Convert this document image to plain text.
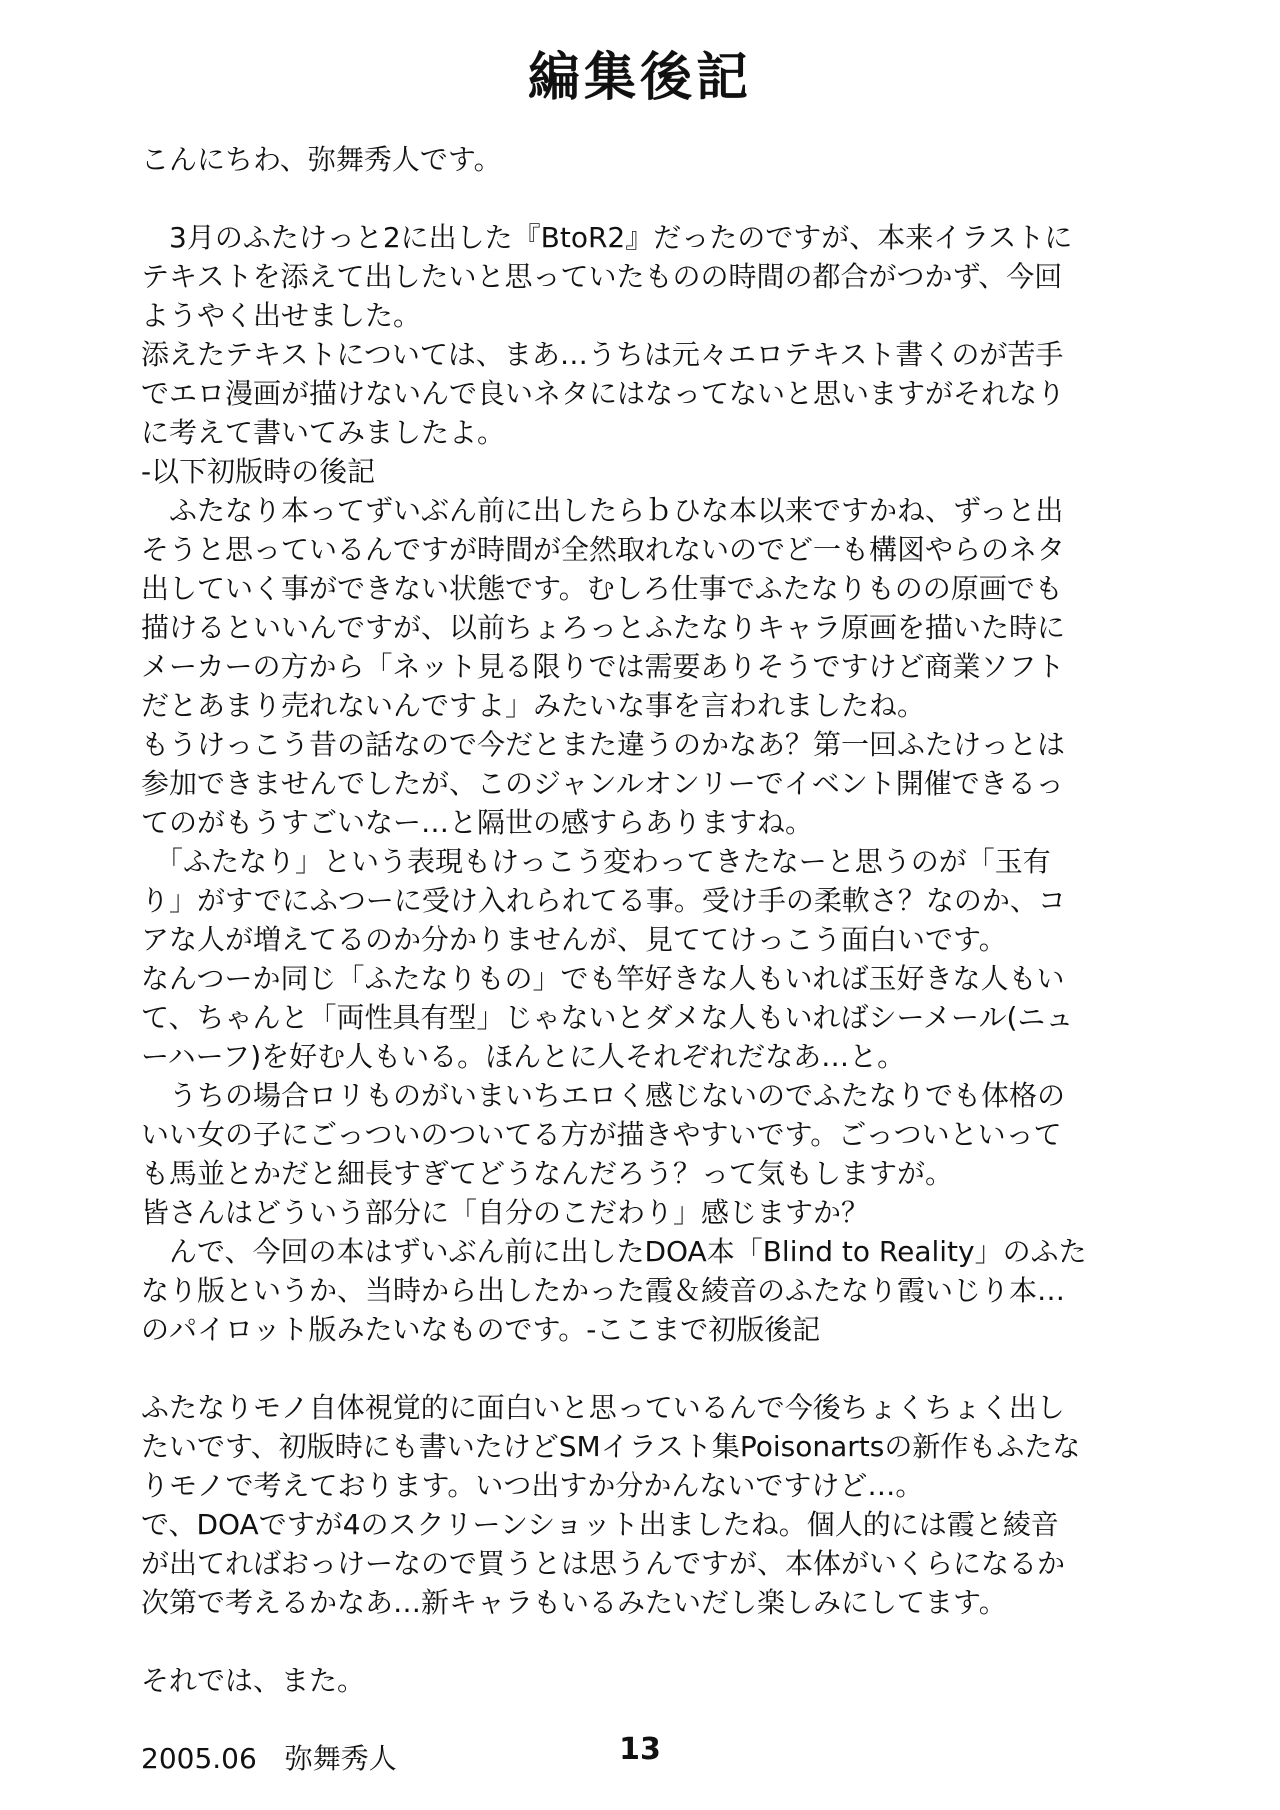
編集後記
こんにちわ、弥舞秀人です。
　3月のふたけっと2に出した『BtoR2』だったのですが、本来イラストに
テキストを添えて出したいと思っていたものの時間の都合がつかず、今回
ようやく出せました。
添えたテキストについては、まあ…うちは元々エロテキスト書くのが苦手
でエロ漫画が描けないんで良いネタにはなってないと思いますがそれなり
に考えて書いてみましたよ。
-以下初版時の後記
　ふたなり本ってずいぶん前に出したらｂひな本以来ですかね、ずっと出
そうと思っているんですが時間が全然取れないのでど一も構図やらのネタ
出していく事ができない状態です。むしろ仕事でふたなりものの原画でも
描けるといいんですが、以前ちょろっとふたなりキャラ原画を描いた時に
メーカーの方から「ネット見る限りでは需要ありそうですけど商業ソフト
だとあまり売れないんですよ」みたいな事を言われましたね。
もうけっこう昔の話なので今だとまた違うのかなあ？第一回ふたけっとは
参加できませんでしたが、このジャンルオンリーでイベント開催できるっ
てのがもうすごいなー…と隔世の感すらありますね。
　「ふたなり」という表現もけっこう変わってきたなーと思うのが「玉有
り」がすでにふつーに受け入れられてる事。受け手の柔軟さ？なのか、コ
アな人が増えてるのか分かりませんが、見ててけっこう面白いです。
なんつーか同じ「ふたなりもの」でも竿好きな人もいれば玉好きな人もい
て、ちゃんと「両性具有型」じゃないとダメな人もいればシーメール(ニュ
ーハーフ)を好む人もいる。ほんとに人それぞれだなあ…と。
　うちの場合ロリものがいまいちエロく感じないのでふたなりでも体格の
いい女の子にごっついのついてる方が描きやすいです。ごっついといって
も馬並とかだと細長すぎてどうなんだろう？って気もしますが。
皆さんはどういう部分に「自分のこだわり」感じますか？
　んで、今回の本はずいぶん前に出したDOA本「Blind to Reality」のふた
なり版というか、当時から出したかった霞＆綾音のふたなり霞いじり本…
のパイロット版みたいなものです。-ここまで初版後記
ふたなりモノ自体視覚的に面白いと思っているんで今後ちょくちょく出し
たいです、初版時にも書いたけどSMイラスト集Poisonartsの新作もふたな
りモノで考えております。いつ出すか分かんないですけど…。
で、DOAですが4のスクリーンショット出ましたね。個人的には霞と綾音
が出てればおっけーなので買うとは思うんですが、本体がいくらになるか
次第で考えるかなあ…新キャラもいるみたいだし楽しみにしてます。
それでは、また。
2005.06　弥舞秀人	13
